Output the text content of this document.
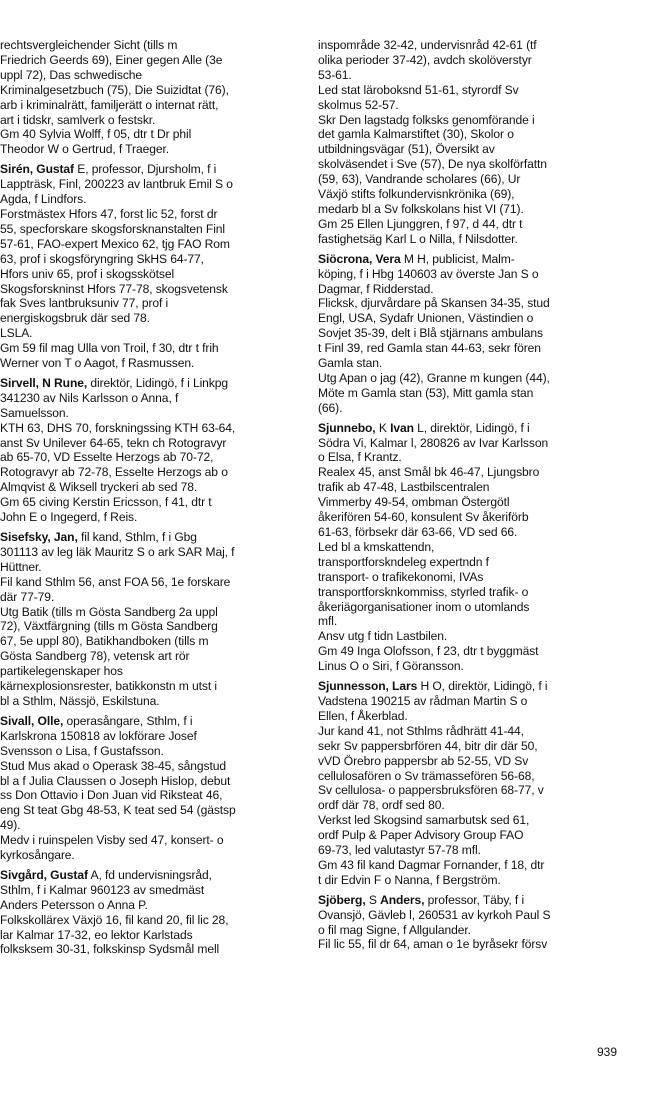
rechtsvergleichender Sicht (tills m
Friedrich Geerds 69), Einer gegen Alle (3e
uppl 72), Das schwedische
Kriminalgesetzbuch (75), Die Suizidtat (76),
arb i kriminalrätt, familjerätt o internat rätt,
art i tidskr, samlverk o festskr.
Gm 40 Sylvia Wolff, f 05, dtr t Dr phil
Theodor W o Gertrud, f Traeger.
Sirén, Gustaf E, professor, Djursholm, f i
Lappträsk, Finl, 200223 av lantbruk Emil S o
Agda, f Lindfors.
Forstmästex Hfors 47, forst lic 52, forst dr
55, specforskare skogsforsknanstalten Finl
57-61, FAO-expert Mexico 62, tjg FAO Rom
63, prof i skogsföryngring SkHS 64-77,
Hfors univ 65, prof i skogsskötsel
Skogsforskninst Hfors 77-78, skogsvetensk
fak Sves lantbruksuniv 77, prof i
energiskogsbruk där sed 78.
LSLA.
Gm 59 fil mag Ulla von Troil, f 30, dtr t frih
Werner von T o Aagot, f Rasmussen.
Sirvell, N Rune, direktör, Lidingö, f i Linkpg
341230 av Nils Karlsson o Anna, f
Samuelsson.
KTH 63, DHS 70, forskningssing KTH 63-64,
anst Sv Unilever 64-65, tekn ch Rotogravyr
ab 65-70, VD Esselte Herzogs ab 70-72,
Rotogravyr ab 72-78, Esselte Herzogs ab o
Almqvist & Wiksell tryckeri ab sed 78.
Gm 65 civing Kerstin Ericsson, f 41, dtr t
John E o Ingegerd, f Reis.
Sisefsky, Jan, fil kand, Sthlm, f i Gbg
301113 av leg läk Mauritz S o ark SAR Maj, f
Hüttner.
Fil kand Sthlm 56, anst FOA 56, 1e forskare
där 77-79.
Utg Batik (tills m Gösta Sandberg 2a uppl
72), Växtfärgning (tills m Gösta Sandberg
67, 5e uppl 80), Batikhandboken (tills m
Gösta Sandberg 78), vetensk art rör
partikelegenskaper hos
kärnexplosionsrester, batikkonstn m utst i
bl a Sthlm, Nässjö, Eskilstuna.
Sivall, Olle, operasångare, Sthlm, f i
Karlskrona 150818 av lokförare Josef
Svensson o Lisa, f Gustafsson.
Stud Mus akad o Operask 38-45, sångstud
bl a f Julia Claussen o Joseph Hislop, debut
ss Don Ottavio i Don Juan vid Riksteat 46,
eng St teat Gbg 48-53, K teat sed 54 (gästsp
49).
Medv i ruinspelen Visby sed 47, konsert- o
kyrkosångare.
Sivgård, Gustaf A, fd undervisningsråd,
Sthlm, f i Kalmar 960123 av smedmäst
Anders Petersson o Anna P.
Folkskollärex Växjö 16, fil kand 20, fil lic 28,
lar Kalmar 17-32, eo lektor Karlstads
folksksem 30-31, folkskinsp Sydsmål mell
inspområde 32-42, undervisnråd 42-61 (tf
olika perioder 37-42), avdch skolöverstyr
53-61.
Led stat läroboksnd 51-61, styrordf Sv
skolmus 52-57.
Skr Den lagstadg folksks genomförande i
det gamla Kalmarstiftet (30), Skolor o
utbildningsvägar (51), Översikt av
skolväsendet i Sve (57), De nya skolförfattn
(59, 63), Vandrande scholares (66), Ur
Växjö stifts folkundervisnkrönika (69),
medarb bl a Sv folkskolans hist VI (71).
Gm 25 Ellen Ljunggren, f 97, d 44, dtr t
fastighetsäg Karl L o Nilla, f Nilsdotter.
Siöcrona, Vera M H, publicist, Malm-
köping, f i Hbg 140603 av överste Jan S o
Dagmar, f Ridderstad.
Flicksk, djurvårdare på Skansen 34-35, stud
Engl, USA, Sydafr Unionen, Västindien o
Sovjet 35-39, delt i Blå stjärnans ambulans
t Finl 39, red Gamla stan 44-63, sekr fören
Gamla stan.
Utg Apan o jag (42), Granne m kungen (44),
Möte m Gamla stan (53), Mitt gamla stan
(66).
Sjunnebo, K Ivan L, direktör, Lidingö, f i
Södra Vi, Kalmar l, 280826 av Ivar Karlsson
o Elsa, f Krantz.
Realex 45, anst Smål bk 46-47, Ljungsbro
trafik ab 47-48, Lastbilscentralen
Vimmerby 49-54, ombman Östergötl
åkerifören 54-60, konsulent Sv åkeriförb
61-63, förbsekr där 63-66, VD sed 66.
Led bl a kmskattendn,
transportforskndeleg expertndn f
transport- o trafikekonomi, IVAs
transportforsknkommiss, styrled trafik- o
åkeriägorganisationer inom o utomlands
mfl.
Ansv utg f tidn Lastbilen.
Gm 49 Inga Olofsson, f 23, dtr t byggmäst
Linus O o Siri, f Göransson.
Sjunnesson, Lars H O, direktör, Lidingö, f i
Vadstena 190215 av rådman Martin S o
Ellen, f Åkerblad.
Jur kand 41, not Sthlms rådhrätt 41-44,
sekr Sv pappersbrfören 44, bitr dir där 50,
vVD Örebro pappersbr ab 52-55, VD Sv
cellulosafören o Sv trämassefören 56-68,
Sv cellulosa- o pappersbruksfören 68-77, v
ordf där 78, ordf sed 80.
Verkst led Skogsind samarbutsk sed 61,
ordf Pulp & Paper Advisory Group FAO
69-73, led valutastyr 57-78 mfl.
Gm 43 fil kand Dagmar Fornander, f 18, dtr
t dir Edvin F o Nanna, f Bergström.
Sjöberg, S Anders, professor, Täby, f i
Ovansjö, Gävleb l, 260531 av kyrkoh Paul S
o fil mag Signe, f Allgulander.
Fil lic 55, fil dr 64, aman o 1e byråsekr försv
939
